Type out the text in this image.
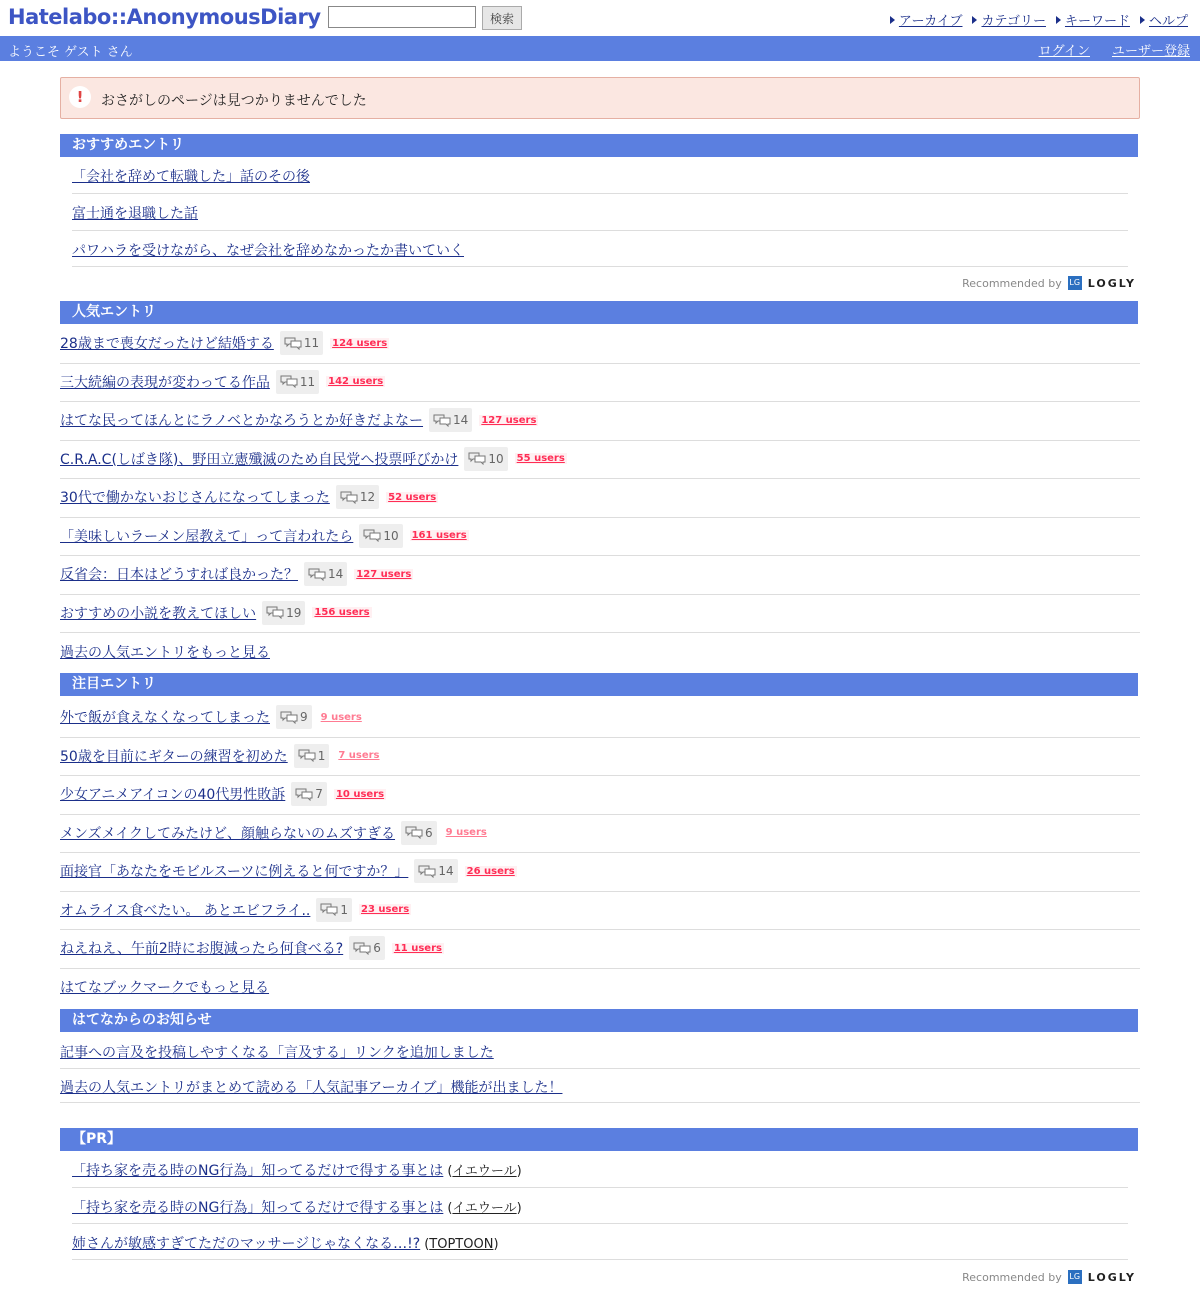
Hatelabo::AnonymousDiary	検索	アーカイブ カテゴリー キーワード ヘルプ
ようこそ ゲスト さん	ログイン ユーザー登録
!	おさがしのページは見つかりませんでした
おすすめエントリ
「会社を辞めて転職した」話のその後
富士通を退職した話
パワハラを受けながら、なぜ会社を辞めなかったか書いていく
Recommended by LG LOGLY
人気エントリ
28歳まで喪女だったけど結婚する	11 124 users
三大続編の表現が変わってる作品	11 142 users
はてな民ってほんとにラノベとかなろうとか好きだよなー	14 127 users
C.R.A.C(しばき隊)、野田立憲殲滅のため自民党へ投票呼びかけ	10 55 users
30代で働かないおじさんになってしまった	12 52 users
「美味しいラーメン屋教えて」って言われたら	10 161 users
反省会：日本はどうすれば良かった？	14 127 users
おすすめの小説を教えてほしい	19 156 users
過去の人気エントリをもっと見る
注目エントリ
外で飯が食えなくなってしまった	9 9 users
50歳を目前にギターの練習を初めた	1 7 users
少女アニメアイコンの40代男性敗訴	7 10 users
メンズメイクしてみたけど、顔触らないのムズすぎる	6 9 users
面接官「あなたをモビルスーツに例えると何ですか？」	14 26 users
オムライス食べたい。 あとエビフライ..	1 23 users
ねえねえ、午前2時にお腹減ったら何食べる?	6 11 users
はてなブックマークでもっと見る
はてなからのお知らせ
記事への言及を投稿しやすくなる「言及する」リンクを追加しました
過去の人気エントリがまとめて読める「人気記事アーカイブ」機能が出ました！
【PR】
「持ち家を売る時のNG行為」知ってるだけで得する事とは (イエウール)
「持ち家を売る時のNG行為」知ってるだけで得する事とは (イエウール)
姉さんが敏感すぎてただのマッサージじゃなくなる…!? (TOPTOON)
Recommended by LG LOGLY
